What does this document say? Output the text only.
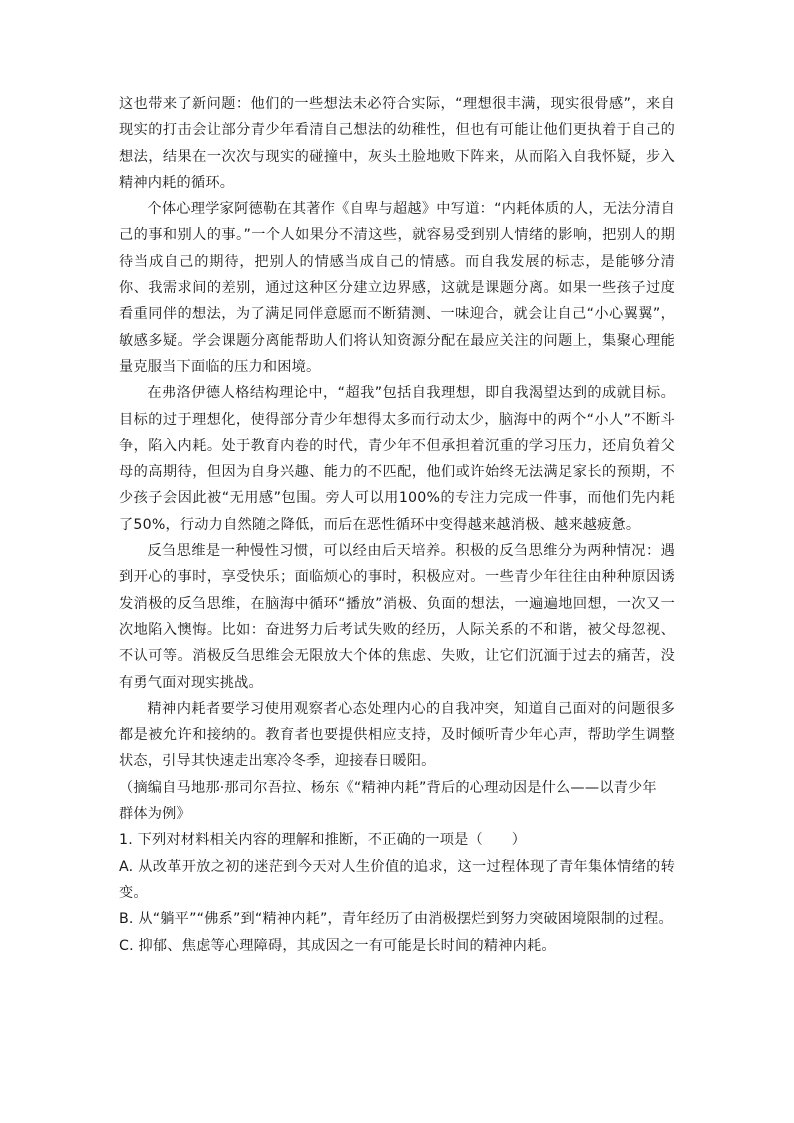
这也带来了新问题：他们的一些想法未必符合实际，“理想很丰满，现实很骨感”，来自现实的打击会让部分青少年看清自己想法的幼稚性，但也有可能让他们更执着于自己的想法，结果在一次次与现实的碰撞中，灰头土脸地败下阵来，从而陷入自我怀疑，步入精神内耗的循环。

个体心理学家阿德勒在其著作《自卑与超越》中写道：“内耗体质的人，无法分清自己的事和别人的事。”一个人如果分不清这些，就容易受到别人情绪的影响，把别人的期待当成自己的期待，把别人的情感当成自己的情感。而自我发展的标志，是能够分清你、我需求间的差别，通过这种区分建立边界感，这就是课题分离。如果一些孩子过度看重同伴的想法，为了满足同伴意愿而不断猜测、一味迎合，就会让自己“小心翼翼”，敏感多疑。学会课题分离能帮助人们将认知资源分配在最应关注的问题上，集聚心理能量克服当下面临的压力和困境。

在弗洛伊德人格结构理论中，“超我”包括自我理想，即自我渴望达到的成就目标。目标的过于理想化，使得部分青少年想得太多而行动太少，脑海中的两个“小人”不断斗争，陷入内耗。处于教育内卷的时代，青少年不但承担着沉重的学习压力，还肩负着父母的高期待，但因为自身兴趣、能力的不匹配，他们或许始终无法满足家长的预期，不少孩子会因此被“无用感”包围。旁人可以用100%的专注力完成一件事，而他们先内耗了50%，行动力自然随之降低，而后在恶性循环中变得越来越消极、越来越疲惫。

反刍思维是一种慢性习惯，可以经由后天培养。积极的反刍思维分为两种情况：遇到开心的事时，享受快乐；面临烦心的事时，积极应对。一些青少年往往由种种原因诱发消极的反刍思维，在脑海中循环“播放”消极、负面的想法，一遍遍地回想，一次又一次地陷入懊悔。比如：奋进努力后考试失败的经历，人际关系的不和谐，被父母忽视、不认可等。消极反刍思维会无限放大个体的焦虑、失败，让它们沉湎于过去的痛苦，没有勇气面对现实挑战。

精神内耗者要学习使用观察者心态处理内心的自我冲突，知道自己面对的问题很多都是被允许和接纳的。教育者也要提供相应支持，及时倾听青少年心声，帮助学生调整状态，引导其快速走出寒冷冬季，迎接春日暖阳。

（摘编自马地那·那司尔吾拉、杨东《“精神内耗”背后的心理动因是什么——以青少年

群体为例》

1. 下列对材料相关内容的理解和推断，不正确的一项是（　　）

A. 从改革开放之初的迷茫到今天对人生价值的追求，这一过程体现了青年集体情绪的转变。

B. 从“躺平”“佛系”到“精神内耗”，青年经历了由消极摆烂到努力突破困境限制的过程。

C. 抑郁、焦虑等心理障碍，其成因之一有可能是长时间的精神内耗。
